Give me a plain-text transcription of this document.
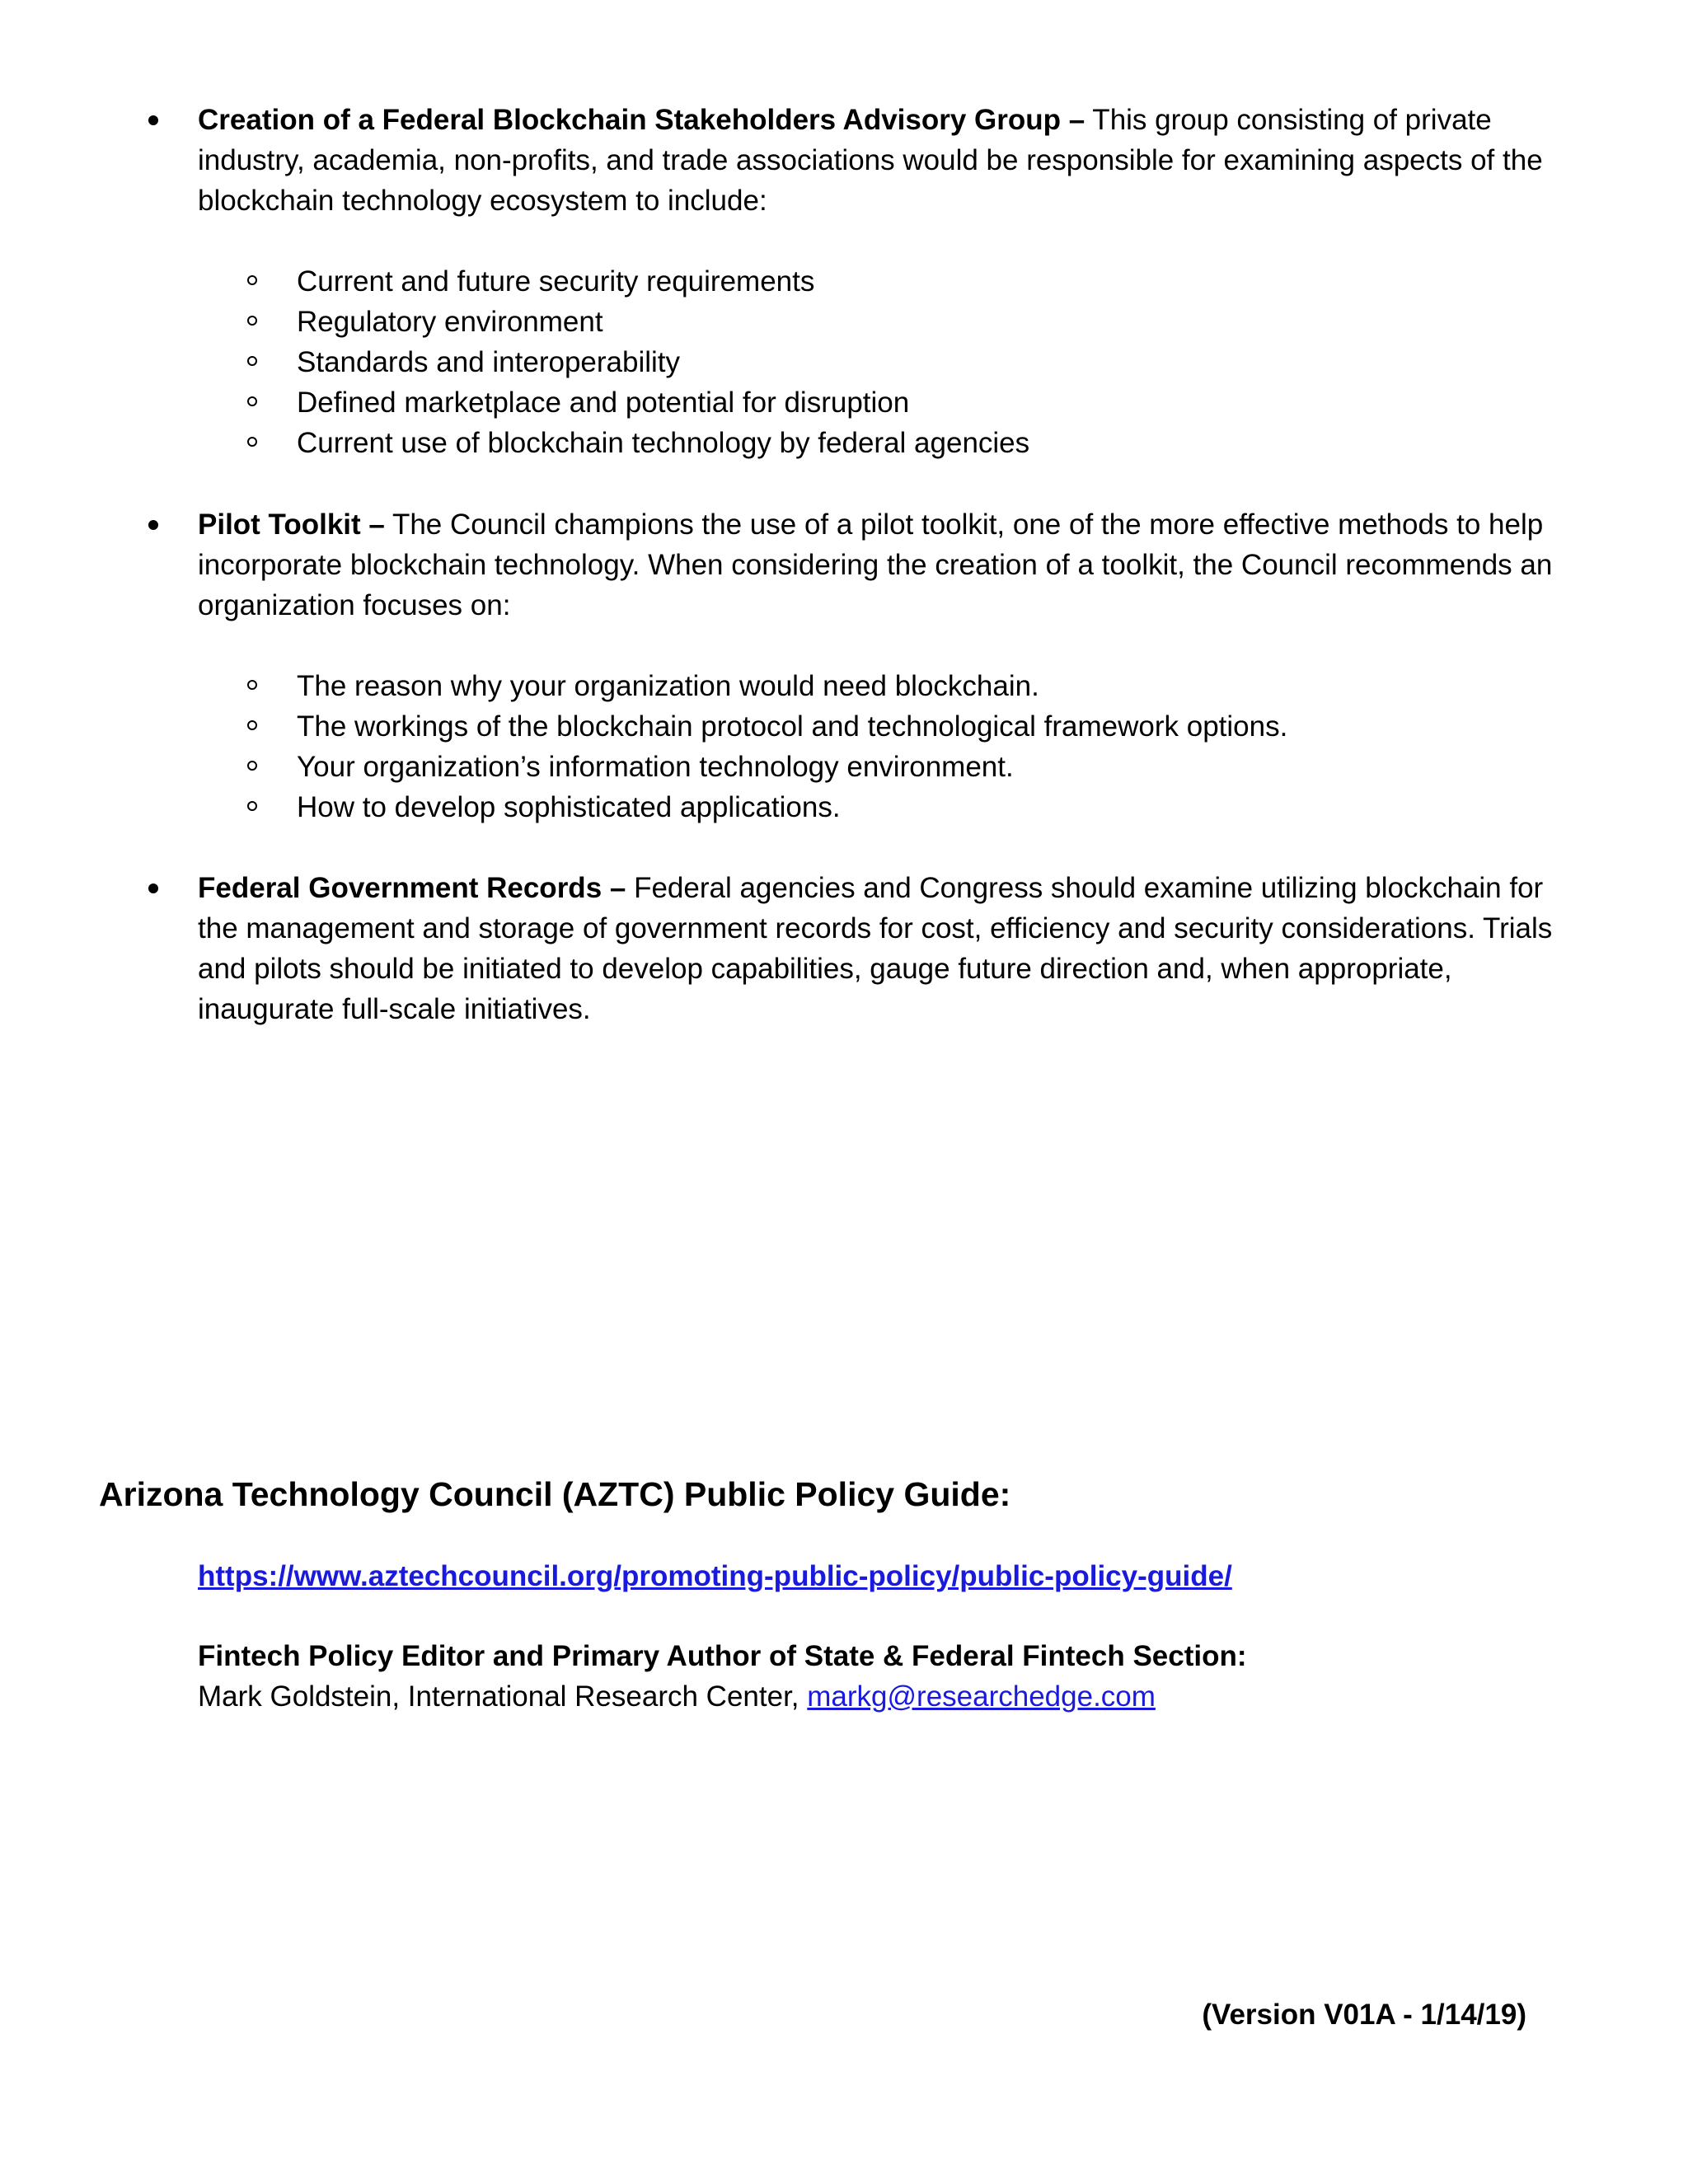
Creation of a Federal Blockchain Stakeholders Advisory Group – This group consisting of private industry, academia, non-profits, and trade associations would be responsible for examining aspects of the blockchain technology ecosystem to include:

Current and future security requirements
Regulatory environment
Standards and interoperability
Defined marketplace and potential for disruption
Current use of blockchain technology by federal agencies

Pilot Toolkit – The Council champions the use of a pilot toolkit, one of the more effective methods to help incorporate blockchain technology. When considering the creation of a toolkit, the Council recommends an organization focuses on:

The reason why your organization would need blockchain.
The workings of the blockchain protocol and technological framework options.
Your organization’s information technology environment.
How to develop sophisticated applications.

Federal Government Records – Federal agencies and Congress should examine utilizing blockchain for the management and storage of government records for cost, efficiency and security considerations. Trials and pilots should be initiated to develop capabilities, gauge future direction and, when appropriate, inaugurate full-scale initiatives.

Arizona Technology Council (AZTC) Public Policy Guide:
https://www.aztechcouncil.org/promoting-public-policy/public-policy-guide/
Fintech Policy Editor and Primary Author of State & Federal Fintech Section:
Mark Goldstein, International Research Center, markg@researchedge.com
(Version V01A - 1/14/19)
